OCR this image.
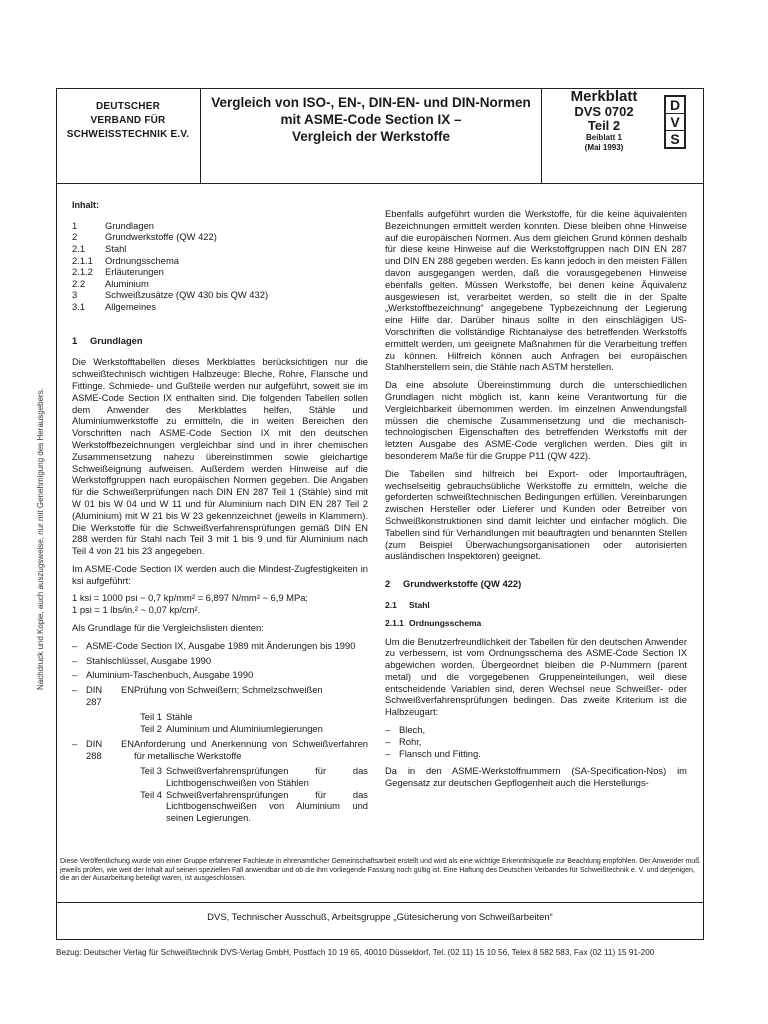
DEUTSCHER
VERBAND FÜR
SCHWEISSTECHNIK E.V.
Vergleich von ISO-, EN-, DIN-EN- und DIN-Normen
mit ASME-Code Section IX –
Vergleich der Werkstoffe
Merkblatt
DVS 0702
Teil 2
Beiblatt 1
(Mai 1993)
D
V
S
Nachdruck und Kopie, auch auszugsweise, nur mit Genehmigung des Herausgebers.
Inhalt:
1	Grundlagen
2	Grundwerkstoffe (QW 422)
2.1	Stahl
2.1.1	Ordnungsschema
2.1.2	Erläuterungen
2.2	Aluminium
3	Schweißzusätze (QW 430 bis QW 432)
3.1	Allgemeines
1	Grundlagen

Die Werkstofftabellen dieses Merkblattes berücksichtigen nur die schweißtechnisch wichtigen Halbzeuge: Bleche, Rohre, Flansche und Fittinge. Schmiede- und Gußteile werden nur aufgeführt, soweit sie im ASME-Code Section IX enthalten sind. Die folgenden Tabellen sollen dem Anwender des Merkblattes helfen, Stähle und Aluminiumwerkstoffe zu ermitteln, die in weiten Bereichen den Vorschriften nach ASME-Code Section IX mit den deutschen Werkstoffbezeichnungen vergleichbar sind und in ihrer chemischen Zusammensetzung nahezu übereinstimmen sowie gleichartige Schweißeignung aufweisen. Außerdem werden Hinweise auf die Werkstoffgruppen nach europäischen Normen gegeben. Die Angaben für die Schweißerprüfungen nach DIN EN 287 Teil 1 (Stähle) sind mit W 01 bis W 04 und W 11 und für Aluminium nach DIN EN 287 Teil 2 (Aluminium) mit W 21 bis W 23 gekennzeichnet (jeweils in Klammern). Die Werkstoffe für die Schweißverfahrensprüfungen gemäß DIN EN 288 werden für Stahl nach Teil 3 mit 1 bis 9 und für Aluminium nach Teil 4 von 21 bis 23 angegeben.

Im ASME-Code Section IX werden auch die Mindest-Zugfestigkeiten in ksi aufgeführt:

1 ksi = 1000 psi ~ 0,7 kp/mm² = 6,897 N/mm² ~ 6,9 MPa;

1 psi = 1 lbs/in.² ~ 0,07 kp/cm².

Als Grundlage für die Vergleichslisten dienten:

– ASME-Code Section IX, Ausgabe 1989 mit Änderungen bis 1990
– Stahlschlüssel, Ausgabe 1990
– Aluminium-Taschenbuch, Ausgabe 1990
– DIN EN 287
Prüfung von Schweißern; Schmelzschweißen
Teil 1 Stähle
Teil 2 Aluminium und Aluminiumlegierungen
– DIN EN 288
Anforderung und Anerkennung von Schweißverfahren für metallische Werkstoffe
Teil 3 Schweißverfahrensprüfungen für das Lichtbogenschweißen von Stählen
Teil 4 Schweißverfahrensprüfungen für das Lichtbogenschweißen von Aluminium und seinen Legierungen.

Ebenfalls aufgeführt wurden die Werkstoffe, für die keine äquivalenten Bezeichnungen ermittelt werden konnten. Diese bleiben ohne Hinweise auf die europäischen Normen. Aus dem gleichen Grund können deshalb für diese keine Hinweise auf die Werkstoffgruppen nach DIN EN 287 und DIN EN 288 gegeben werden. Es kann jedoch in den meisten Fällen davon ausgegangen werden, daß die vorausgegebenen Hinweise ebenfalls gelten. Müssen Werkstoffe, bei denen keine Äquivalenz ausgewiesen ist, verarbeitet werden, so stellt die in der Spalte „Werkstoffbezeichnung“ angegebene Typbezeichnung der Legierung eine Hilfe dar. Darüber hinaus sollte in den einschlägigen US-Vorschriften die vollständige Richtanalyse des betreffenden Werkstoffs ermittelt werden, um geeignete Maßnahmen für die Verarbeitung treffen zu können. Hilfreich können auch Anfragen bei europäischen Stahlherstellern sein, die Stähle nach ASTM herstellen.

Da eine absolute Übereinstimmung durch die unterschiedlichen Grundlagen nicht möglich ist, kann keine Verantwortung für die Vergleichbarkeit übernommen werden. Im einzelnen Anwendungsfall müssen die chemische Zusammensetzung und die mechanisch-technologischen Eigenschaften des betreffenden Werkstoffs mit der letzten Ausgabe des ASME-Code verglichen werden. Dies gilt in besonderem Maße für die Gruppe P11 (QW 422).

Die Tabellen sind hilfreich bei Export- oder Importaufträgen, wechselseitig gebrauchsübliche Werkstoffe zu ermitteln, welche die geforderten schweißtechnischen Bedingungen erfüllen. Vereinbarungen zwischen Hersteller oder Lieferer und Kunden oder Betreiber von Schweißkonstruktionen sind damit leichter und einfacher möglich. Die Tabellen sind für Verhandlungen mit beauftragten und benannten Stellen (zum Beispiel Überwachungsorganisationen oder autorisierten ausländischen Inspektoren) geeignet.

2	Grundwerkstoffe (QW 422)
2.1	Stahl
2.1.1 Ordnungsschema

Um die Benutzerfreundlichkeit der Tabellen für den deutschen Anwender zu verbessern, ist vom Ordnungsschema des ASME-Code Section IX abgewichen worden. Übergeordnet bleiben die P-Nummern (parent metal) und die vorgegebenen Gruppeneinteilungen, weil diese entscheidende Variablen sind, deren Wechsel neue Schweißer- oder Schweißverfahrensprüfungen bedingen. Das zweite Kriterium ist die Halbzeugart:

– Blech,
– Rohr,
– Flansch und Fitting.

Da in den ASME-Werkstoffnummern (SA-Specification-Nos) im Gegensatz zur deutschen Gepflogenheit auch die Herstellungs-

Diese Veröffentlichung wurde von einer Gruppe erfahrener Fachleute in ehrenamtlicher Gemeinschaftsarbeit erstellt und wird als eine wichtige Erkenntnisquelle zur Beachtung empfohlen. Der Anwender muß jeweils prüfen, wie weit der Inhalt auf seinen speziellen Fall anwendbar und ob die ihm vorliegende Fassung noch gültig ist. Eine Haftung des Deutschen Verbandes für Schweißtechnik e. V. und derjenigen, die an der Ausarbeitung beteiligt waren, ist ausgeschlossen.
DVS, Technischer Ausschuß, Arbeitsgruppe „Gütesicherung von Schweißarbeiten“
Bezug: Deutscher Verlag für Schweißtechnik DVS-Verlag GmbH, Postfach 10 19 65, 40010 Düsseldorf, Tel. (02 11) 15 10 56, Telex 8 582 583, Fax (02 11) 15 91-200
